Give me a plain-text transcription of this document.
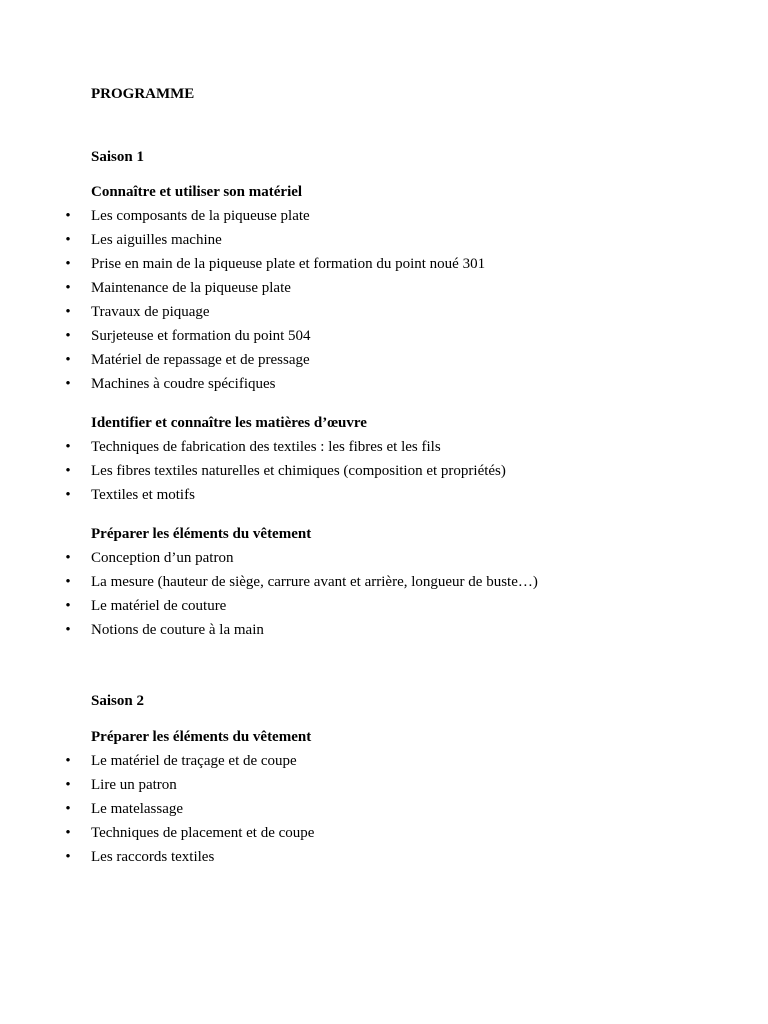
PROGRAMME
Saison 1
Connaître et utiliser son matériel
• Les composants de la piqueuse plate
• Les aiguilles machine
• Prise en main de la piqueuse plate et formation du point noué 301
• Maintenance de la piqueuse plate
• Travaux de piquage
• Surjeteuse et formation du point 504
• Matériel de repassage et de pressage
• Machines à coudre spécifiques
Identifier et connaître les matières d’œuvre
• Techniques de fabrication des textiles : les fibres et les fils
• Les fibres textiles naturelles et chimiques (composition et propriétés)
• Textiles et motifs
Préparer les éléments du vêtement
• Conception d’un patron
• La mesure (hauteur de siège, carrure avant et arrière, longueur de buste…)
• Le matériel de couture
• Notions de couture à la main
Saison 2
Préparer les éléments du vêtement
• Le matériel de traçage et de coupe
• Lire un patron
• Le matelassage
• Techniques de placement et de coupe
• Les raccords textiles
